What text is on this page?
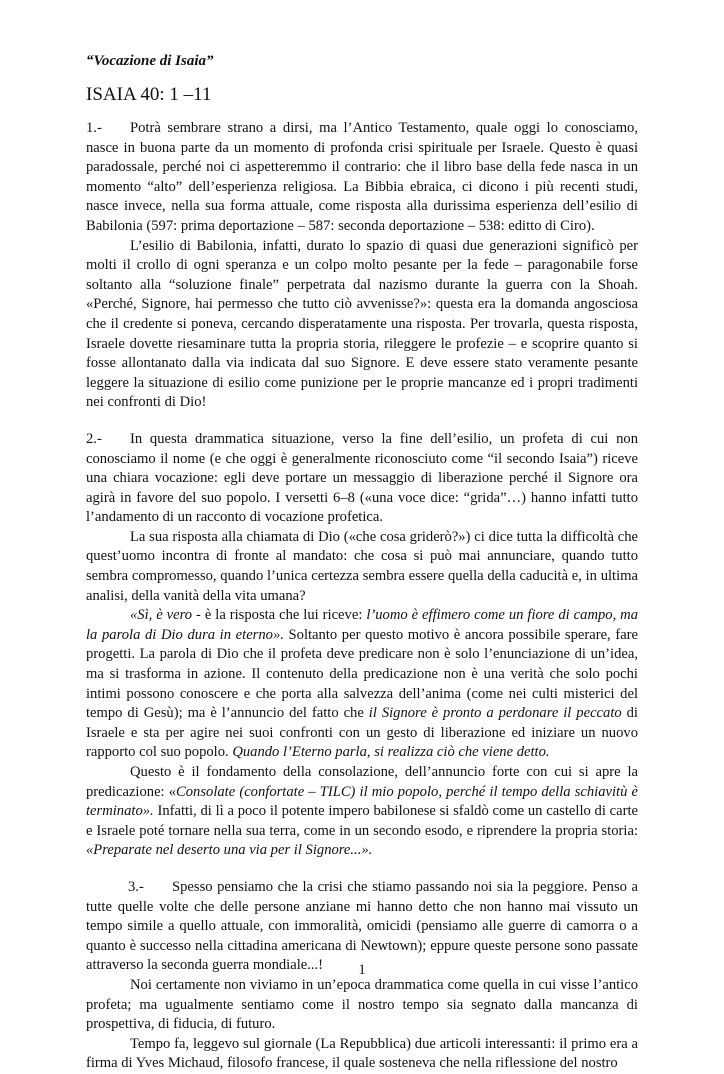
“Vocazione di Isaia”
ISAIA 40: 1 –11

1.- Potrà sembrare strano a dirsi, ma l’Antico Testamento, quale oggi lo conosciamo, nasce in buona parte da un momento di profonda crisi spirituale per Israele. Questo è quasi paradossale, perché noi ci aspetteremmo il contrario: che il libro base della fede nasca in un momento “alto” dell’esperienza religiosa. La Bibbia ebraica, ci dicono i più recenti studi, nasce invece, nella sua forma attuale, come risposta alla durissima esperienza dell’esilio di Babilonia (597: prima deportazione – 587: seconda deportazione – 538: editto di Ciro).

L’esilio di Babilonia, infatti, durato lo spazio di quasi due generazioni significò per molti il crollo di ogni speranza e un colpo molto pesante per la fede – paragonabile forse soltanto alla “soluzione finale” perpetrata dal nazismo durante la guerra con la Shoah. «Perché, Signore, hai permesso che tutto ciò avvenisse?»: questa era la domanda angosciosa che il credente si poneva, cercando disperatamente una risposta. Per trovarla, questa risposta, Israele dovette riesaminare tutta la propria storia, rileggere le profezie – e scoprire quanto si fosse allontanato dalla via indicata dal suo Signore. E deve essere stato veramente pesante leggere la situazione di esilio come punizione per le proprie mancanze ed i propri tradimenti nei confronti di Dio!

2.- In questa drammatica situazione, verso la fine dell’esilio, un profeta di cui non conosciamo il nome (e che oggi è generalmente riconosciuto come “il secondo Isaia”) riceve una chiara vocazione: egli deve portare un messaggio di liberazione perché il Signore ora agirà in favore del suo popolo. I versetti 6–8 («una voce dice: “grida”…) hanno infatti tutto l’andamento di un racconto di vocazione profetica.

La sua risposta alla chiamata di Dio («che cosa griderò?») ci dice tutta la difficoltà che quest’uomo incontra di fronte al mandato: che cosa si può mai annunciare, quando tutto sembra compromesso, quando l’unica certezza sembra essere quella della caducità e, in ultima analisi, della vanità della vita umana?

«Sì, è vero - è la risposta che lui riceve: l’uomo è effimero come un fiore di campo, ma la parola di Dio dura in eterno». Soltanto per questo motivo è ancora possibile sperare, fare progetti. La parola di Dio che il profeta deve predicare non è solo l’enunciazione di un’idea, ma si trasforma in azione. Il contenuto della predicazione non è una verità che solo pochi intimi possono conoscere e che porta alla salvezza dell’anima (come nei culti misterici del tempo di Gesù); ma è l’annuncio del fatto che il Signore è pronto a perdonare il peccato di Israele e sta per agire nei suoi confronti con un gesto di liberazione ed iniziare un nuovo rapporto col suo popolo. Quando l’Eterno parla, si realizza ciò che viene detto.

Questo è il fondamento della consolazione, dell’annuncio forte con cui si apre la predicazione: «Consolate (confortate – TILC) il mio popolo, perché il tempo della schiavitù è terminato». Infatti, di lì a poco il potente impero babilonese si sfaldò come un castello di carte e Israele poté tornare nella sua terra, come in un secondo esodo, e riprendere la propria storia: «Preparate nel deserto una via per il Signore...».

3.- Spesso pensiamo che la crisi che stiamo passando noi sia la peggiore. Penso a tutte quelle volte che delle persone anziane mi hanno detto che non hanno mai vissuto un tempo simile a quello attuale, con immoralità, omicidi (pensiamo alle guerre di camorra o a quanto è successo nella cittadina americana di Newtown); eppure queste persone sono passate attraverso la seconda guerra mondiale...!

Noi certamente non viviamo in un’epoca drammatica come quella in cui visse l’antico profeta; ma ugualmente sentiamo come il nostro tempo sia segnato dalla mancanza di prospettiva, di fiducia, di futuro.

Tempo fa, leggevo sul giornale (La Repubblica) due articoli interessanti: il primo era a firma di Yves Michaud, filosofo francese, il quale sosteneva che nella riflessione del nostro

1
